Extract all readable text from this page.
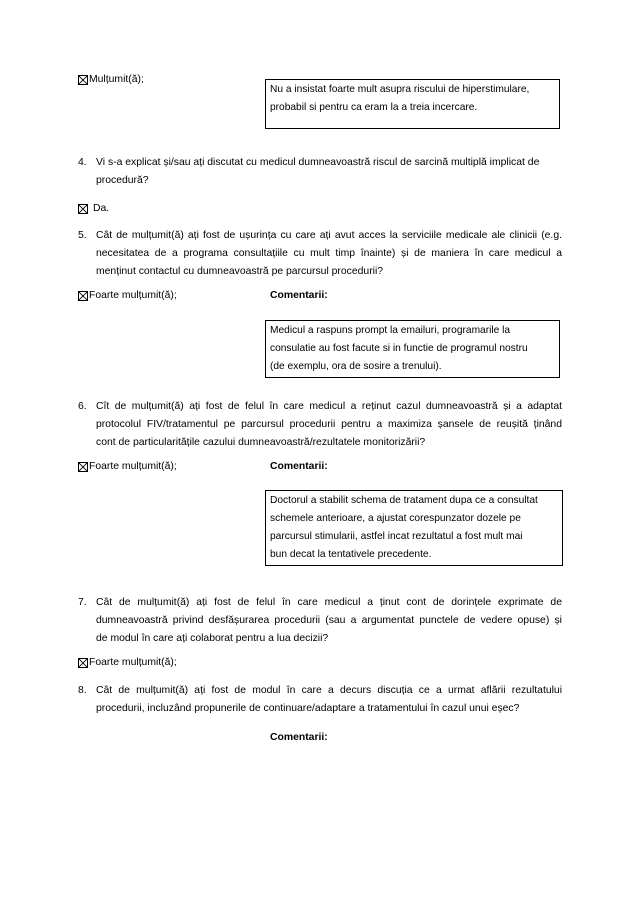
Mulțumit(ă);
Nu a insistat foarte mult asupra riscului de hiperstimulare,
probabil si pentru ca eram la a treia incercare.
4. Vi s-a explicat și/sau ați discutat cu medicul dumneavoastră riscul de sarcină multiplă implicat de
procedură?
Da.
5. Cât de mulțumit(ă) ați fost de ușurința cu care ați avut acces la serviciile medicale ale clinicii (e.g.
necesitatea de a programa consultațiile cu mult timp înainte) și de maniera în care medicul a
menținut contactul cu dumneavoastră pe parcursul procedurii?
Foarte mulțumit(ă);	Comentarii:
Medicul a raspuns prompt la emailuri, programarile la
consulatie au fost facute si in functie de programul nostru
(de exemplu, ora de sosire a trenului).
6. Cît de mulțumit(ă) ați fost de felul în care medicul a reținut cazul dumneavoastră și a adaptat
protocolul FIV/tratamentul pe parcursul procedurii pentru a maximiza șansele de reușită ținând
cont de particularitățile cazului dumneavoastră/rezultatele monitorizării?
Foarte mulțumit(ă);	Comentarii:
Doctorul a stabilit schema de tratament dupa ce a consultat
schemele anterioare, a ajustat corespunzator dozele pe
parcursul stimularii, astfel incat rezultatul a fost mult mai
bun decat la tentativele precedente.
7. Cât de mulțumit(ă) ați fost de felul în care medicul a ținut cont de dorințele exprimate de
dumneavoastră privind desfășurarea procedurii (sau a argumentat punctele de vedere opuse) și
de modul în care ați colaborat pentru a lua decizii?
Foarte mulțumit(ă);
8. Cât de mulțumit(ă) ați fost de modul în care a decurs discuția ce a urmat aflării rezultatului
procedurii, incluzând propunerile de continuare/adaptare a tratamentului în cazul unui eșec?
Comentarii:
